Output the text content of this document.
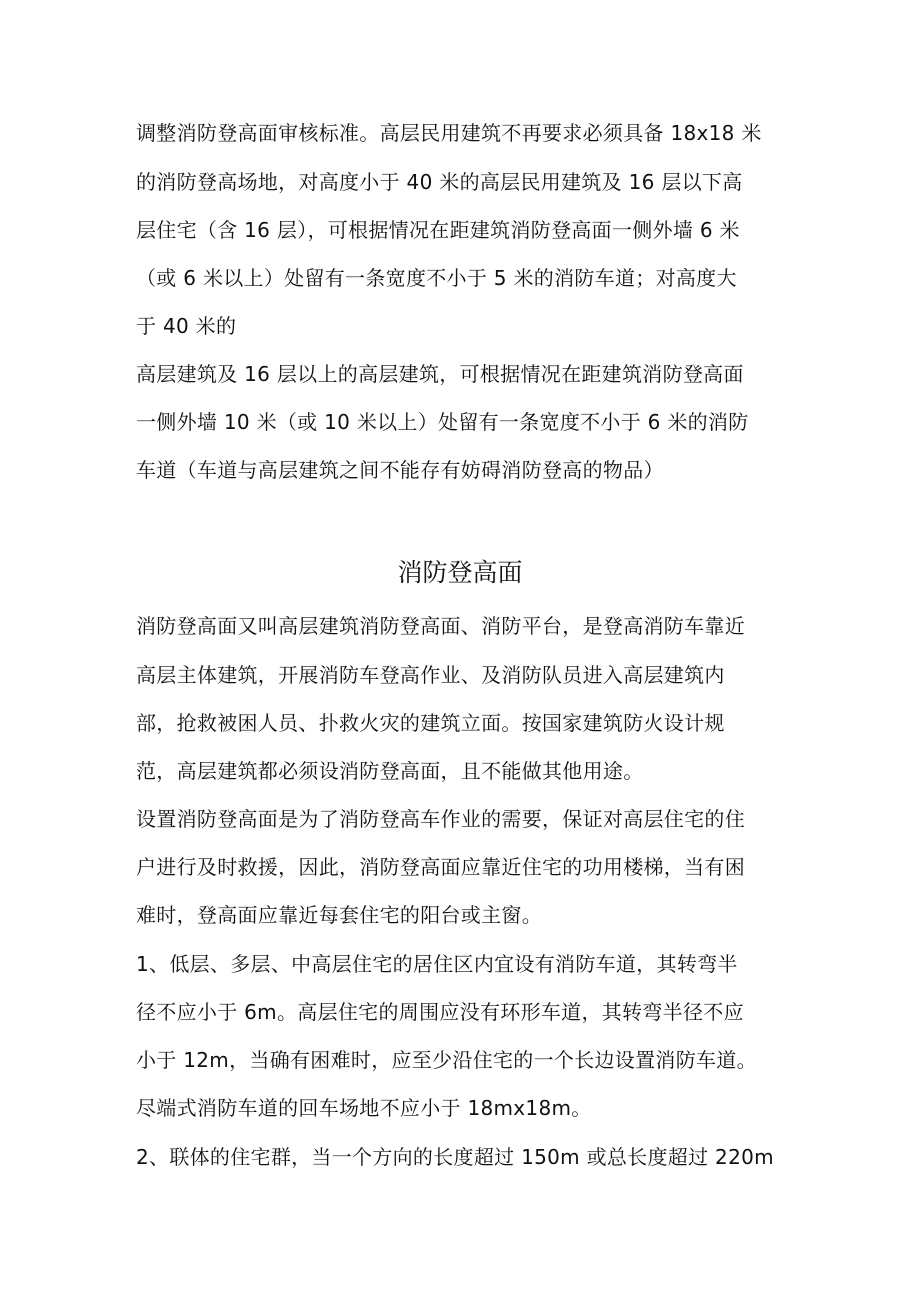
调整消防登高面审核标准。高层民用建筑不再要求必须具备 18x18 米
的消防登高场地，对高度小于 40 米的高层民用建筑及 16 层以下高
层住宅（含 16 层），可根据情况在距建筑消防登高面一侧外墙 6 米
（或 6 米以上）处留有一条宽度不小于 5 米的消防车道；对高度大
于 40 米的
高层建筑及 16 层以上的高层建筑，可根据情况在距建筑消防登高面
一侧外墙 10 米（或 10 米以上）处留有一条宽度不小于 6 米的消防
车道（车道与高层建筑之间不能存有妨碍消防登高的物品）
消防登高面
消防登高面又叫高层建筑消防登高面、消防平台，是登高消防车靠近
高层主体建筑，开展消防车登高作业、及消防队员进入高层建筑内
部，抢救被困人员、扑救火灾的建筑立面。按国家建筑防火设计规
范，高层建筑都必须设消防登高面，且不能做其他用途。
设置消防登高面是为了消防登高车作业的需要，保证对高层住宅的住
户进行及时救援，因此，消防登高面应靠近住宅的功用楼梯，当有困
难时，登高面应靠近每套住宅的阳台或主窗。
1、低层、多层、中高层住宅的居住区内宜设有消防车道，其转弯半
径不应小于 6m。高层住宅的周围应没有环形车道，其转弯半径不应
小于 12m，当确有困难时，应至少沿住宅的一个长边设置消防车道。
尽端式消防车道的回车场地不应小于 18mx18m。
2、联体的住宅群，当一个方向的长度超过 150m 或总长度超过 220m
